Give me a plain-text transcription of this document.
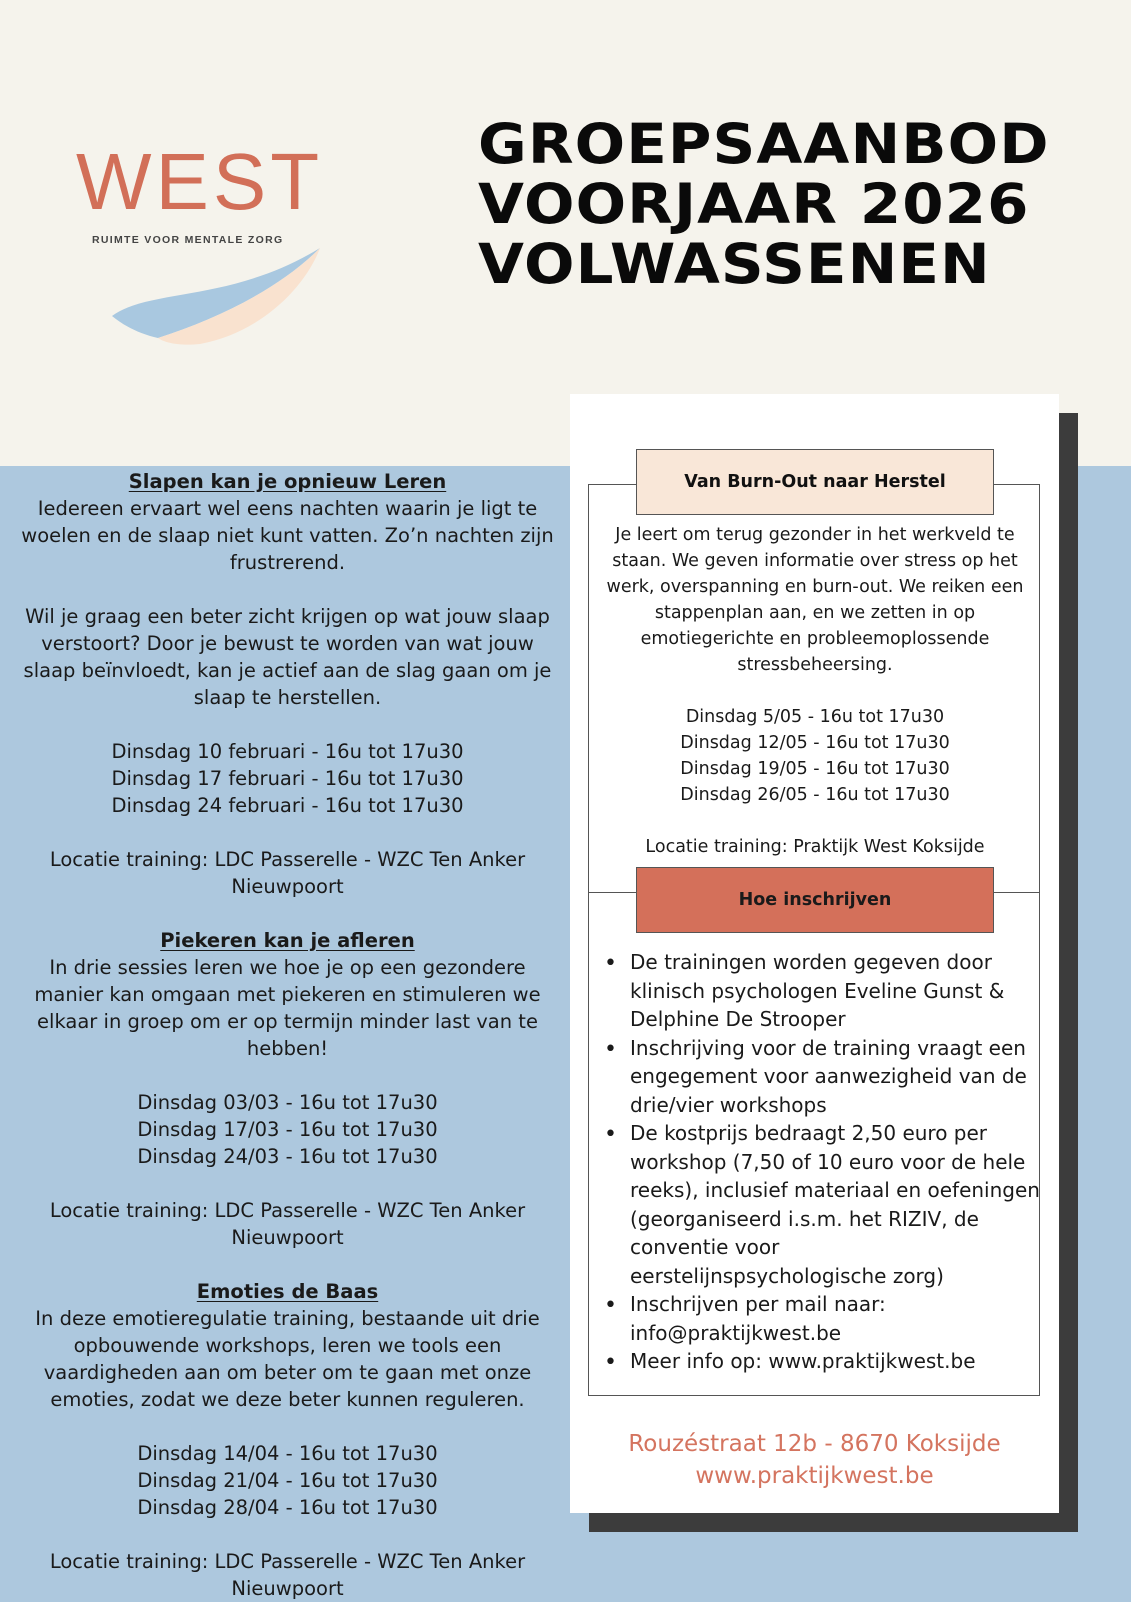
WEST
RUIMTE VOOR MENTALE ZORG
GROEPSAANBOD
VOORJAAR 2026
VOLWASSENEN

Slapen kan je opnieuw Leren

Iedereen ervaart wel eens nachten waarin je ligt te woelen en de slaap niet kunt vatten. Zo’n nachten zijn frustrerend.

Wil je graag een beter zicht krijgen op wat jouw slaap verstoort? Door je bewust te worden van wat jouw slaap beïnvloedt, kan je actief aan de slag gaan om je slaap te herstellen.

Dinsdag 10 februari - 16u tot 17u30

Dinsdag 17 februari - 16u tot 17u30

Dinsdag 24 februari - 16u tot 17u30

Locatie training: LDC Passerelle - WZC Ten Anker Nieuwpoort

Piekeren kan je afleren

In drie sessies leren we hoe je op een gezondere manier kan omgaan met piekeren en stimuleren we elkaar in groep om er op termijn minder last van te hebben!

Dinsdag 03/03 - 16u tot 17u30

Dinsdag 17/03 - 16u tot 17u30

Dinsdag 24/03 - 16u tot 17u30

Locatie training: LDC Passerelle - WZC Ten Anker Nieuwpoort

Emoties de Baas

In deze emotieregulatie training, bestaande uit drie opbouwende workshops, leren we tools een vaardigheden aan om beter om te gaan met onze emoties, zodat we deze beter kunnen reguleren.

Dinsdag 14/04 - 16u tot 17u30

Dinsdag 21/04 - 16u tot 17u30

Dinsdag 28/04 - 16u tot 17u30

Locatie training: LDC Passerelle - WZC Ten Anker Nieuwpoort

Van Burn-Out naar Herstel

Je leert om terug gezonder in het werkveld te staan. We geven informatie over stress op het werk, overspanning en burn-out. We reiken een stappenplan aan, en we zetten in op emotiegerichte en probleemoplossende stressbeheersing.

Dinsdag 5/05 - 16u tot 17u30

Dinsdag 12/05 - 16u tot 17u30

Dinsdag 19/05 - 16u tot 17u30

Dinsdag 26/05 - 16u tot 17u30

Locatie training: Praktijk West Koksijde

Hoe inschrijven
• De trainingen worden gegeven door klinisch psychologen Eveline Gunst & Delphine De Strooper
• Inschrijving voor de training vraagt een engegement voor aanwezigheid van de drie/vier workshops
• De kostprijs bedraagt 2,50 euro per workshop (7,50 of 10 euro voor de hele reeks), inclusief materiaal en oefeningen (georganiseerd i.s.m. het RIZIV, de conventie voor eerstelijnspsychologische zorg)
• Inschrijven per mail naar: info@praktijkwest.be
• Meer info op: www.praktijkwest.be
Rouzéstraat 12b - 8670 Koksijde
www.praktijkwest.be
